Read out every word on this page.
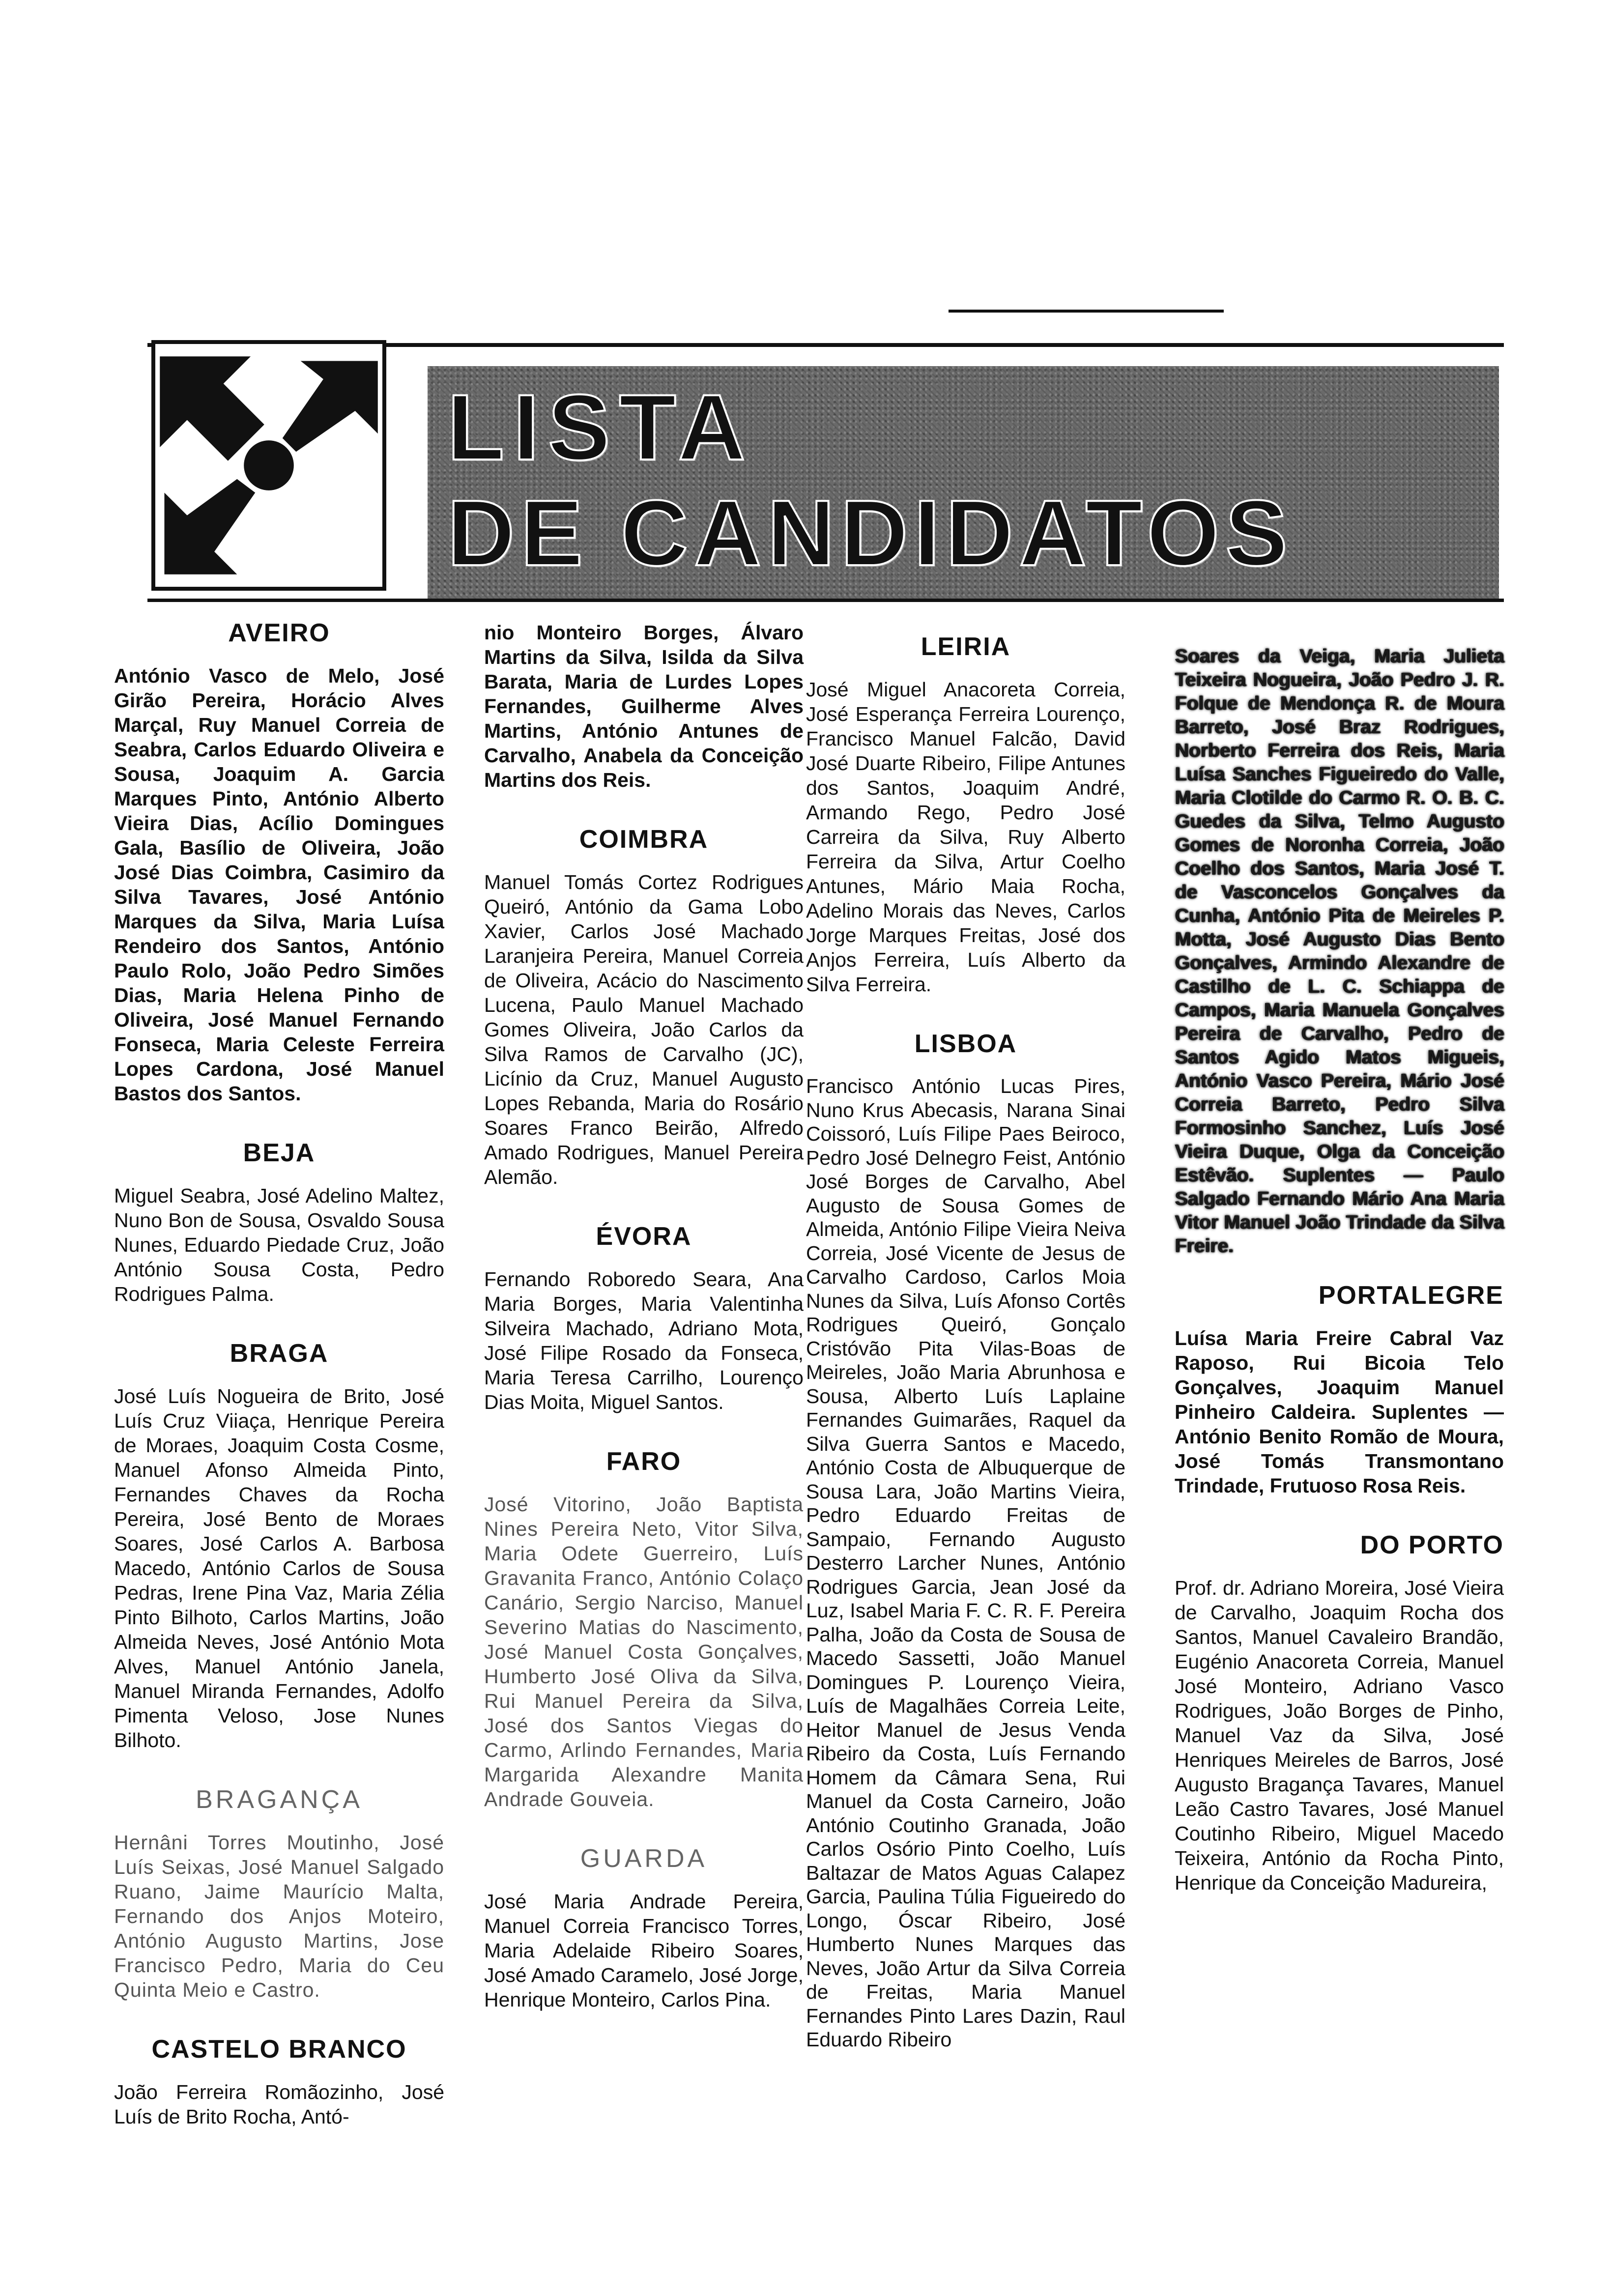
LISTA
DE CANDIDATOS
AVEIRO

António Vasco de Melo, José Girão Pereira, Horácio Alves Marçal, Ruy Manuel Correia de Seabra, Carlos Eduardo Oliveira e Sousa, Joaquim A. Garcia Marques Pinto, António Alberto Vieira Dias, Acílio Domingues Gala, Basílio de Oliveira, João José Dias Coimbra, Casimiro da Silva Tavares, José António Marques da Silva, Maria Luísa Rendeiro dos Santos, António Paulo Rolo, João Pedro Simões Dias, Maria Helena Pinho de Oliveira, José Manuel Fernando Fonseca, Maria Celeste Ferreira Lopes Cardona, José Manuel Bastos dos Santos.

BEJA

Miguel Seabra, José Adelino Maltez, Nuno Bon de Sousa, Osvaldo Sousa Nunes, Eduardo Piedade Cruz, João António Sousa Costa, Pedro Rodrigues Palma.

BRAGA

José Luís Nogueira de Brito, José Luís Cruz Viiaça, Henrique Pereira de Moraes, Joaquim Costa Cosme, Manuel Afonso Almeida Pinto, Fernandes Chaves da Rocha Pereira, José Bento de Moraes Soares, José Carlos A. Barbosa Macedo, António Carlos de Sousa Pedras, Irene Pina Vaz, Maria Zélia Pinto Bilhoto, Carlos Martins, João Almeida Neves, José António Mota Alves, Manuel António Janela, Manuel Miranda Fernandes, Adolfo Pimenta Veloso, Jose Nunes Bilhoto.

BRAGANÇA

Hernâni Torres Moutinho, José Luís Seixas, José Manuel Salgado Ruano, Jaime Maurício Malta, Fernando dos Anjos Moteiro, António Augusto Martins, Jose Francisco Pedro, Maria do Ceu Quinta Meio e Castro.

CASTELO BRANCO

João Ferreira Romãozinho, José Luís de Brito Rocha, Antó-

nio Monteiro Borges, Álvaro Martins da Silva, Isilda da Silva Barata, Maria de Lurdes Lopes Fernandes, Guilherme Alves Martins, António Antunes de Carvalho, Anabela da Conceição Martins dos Reis.

COIMBRA

Manuel Tomás Cortez Rodrigues Queiró, António da Gama Lobo Xavier, Carlos José Machado Laranjeira Pereira, Manuel Correia de Oliveira, Acácio do Nascimento Lucena, Paulo Manuel Machado Gomes Oliveira, João Carlos da Silva Ramos de Carvalho (JC), Licínio da Cruz, Manuel Augusto Lopes Rebanda, Maria do Rosário Soares Franco Beirão, Alfredo Amado Rodrigues, Manuel Pereira Alemão.

ÉVORA

Fernando Roboredo Seara, Ana Maria Borges, Maria Valentinha Silveira Machado, Adriano Mota, José Filipe Rosado da Fonseca, Maria Teresa Carrilho, Lourenço Dias Moita, Miguel Santos.

FARO

José Vitorino, João Baptista Nines Pereira Neto, Vitor Silva, Maria Odete Guerreiro, Luís Gravanita Franco, António Colaço Canário, Sergio Narciso, Manuel Severino Matias do Nascimento, José Manuel Costa Gonçalves, Humberto José Oliva da Silva, Rui Manuel Pereira da Silva, José dos Santos Viegas do Carmo, Arlindo Fernandes, Maria Margarida Alexandre Manita Andrade Gouveia.

GUARDA

José Maria Andrade Pereira, Manuel Correia Francisco Torres, Maria Adelaide Ribeiro Soares, José Amado Caramelo, José Jorge, Henrique Monteiro, Carlos Pina.

LEIRIA

José Miguel Anacoreta Correia, José Esperança Ferreira Lourenço, Francisco Manuel Falcão, David José Duarte Ribeiro, Filipe Antunes dos Santos, Joaquim André, Armando Rego, Pedro José Carreira da Silva, Ruy Alberto Ferreira da Silva, Artur Coelho Antunes, Mário Maia Rocha, Adelino Morais das Neves, Carlos Jorge Marques Freitas, José dos Anjos Ferreira, Luís Alberto da Silva Ferreira.

LISBOA

Francisco António Lucas Pires, Nuno Krus Abecasis, Narana Sinai Coissoró, Luís Filipe Paes Beiroco, Pedro José Delnegro Feist, António José Borges de Carvalho, Abel Augusto de Sousa Gomes de Almeida, António Filipe Vieira Neiva Correia, José Vicente de Jesus de Carvalho Cardoso, Carlos Moia Nunes da Silva, Luís Afonso Cortês Rodrigues Queiró, Gonçalo Cristóvão Pita Vilas-Boas de Meireles, João Maria Abrunhosa e Sousa, Alberto Luís Laplaine Fernandes Guimarães, Raquel da Silva Guerra Santos e Macedo, António Costa de Albuquerque de Sousa Lara, João Martins Vieira, Pedro Eduardo Freitas de Sampaio, Fernando Augusto Desterro Larcher Nunes, António Rodrigues Garcia, Jean José da Luz, Isabel Maria F. C. R. F. Pereira Palha, João da Costa de Sousa de Macedo Sassetti, João Manuel Domingues P. Lourenço Vieira, Luís de Magalhães Correia Leite, Heitor Manuel de Jesus Venda Ribeiro da Costa, Luís Fernando Homem da Câmara Sena, Rui Manuel da Costa Carneiro, João António Coutinho Granada, João Carlos Osório Pinto Coelho, Luís Baltazar de Matos Aguas Calapez Garcia, Paulina Túlia Figueiredo do Longo, Óscar Ribeiro, José Humberto Nunes Marques das Neves, João Artur da Silva Correia de Freitas, Maria Manuel Fernandes Pinto Lares Dazin, Raul Eduardo Ribeiro

Soares da Veiga, Maria Julieta Teixeira Nogueira, João Pedro J. R. Folque de Mendonça R. de Moura Barreto, José Braz Rodrigues, Norberto Ferreira dos Reis, Maria Luísa Sanches Figueiredo do Valle, Maria Clotilde do Carmo R. O. B. C. Guedes da Silva, Telmo Augusto Gomes de Noronha Correia, João Coelho dos Santos, Maria José T. de Vasconcelos Gonçalves da Cunha, António Pita de Meireles P. Motta, José Augusto Dias Bento Gonçalves, Armindo Alexandre de Castilho de L. C. Schiappa de Campos, Maria Manuela Gonçalves Pereira de Carvalho, Pedro de Santos Agido Matos Migueis, António Vasco Pereira, Mário José Correia Barreto, Pedro Silva Formosinho Sanchez, Luís José Vieira Duque, Olga da Conceição Estêvão. Suplentes — Paulo Salgado Fernando Mário Ana Maria Vitor Manuel João Trindade da Silva Freire.

PORTALEGRE

Luísa Maria Freire Cabral Vaz Raposo, Rui Bicoia Telo Gonçalves, Joaquim Manuel Pinheiro Caldeira. Suplentes — António Benito Romão de Moura, José Tomás Transmontano Trindade, Frutuoso Rosa Reis.

DO PORTO

Prof. dr. Adriano Moreira, José Vieira de Carvalho, Joaquim Rocha dos Santos, Manuel Cavaleiro Brandão, Eugénio Anacoreta Correia, Manuel José Monteiro, Adriano Vasco Rodrigues, João Borges de Pinho, Manuel Vaz da Silva, José Henriques Meireles de Barros, José Augusto Bragança Tavares, Manuel Leão Castro Tavares, José Manuel Coutinho Ribeiro, Miguel Macedo Teixeira, António da Rocha Pinto, Henrique da Conceição Madureira,
